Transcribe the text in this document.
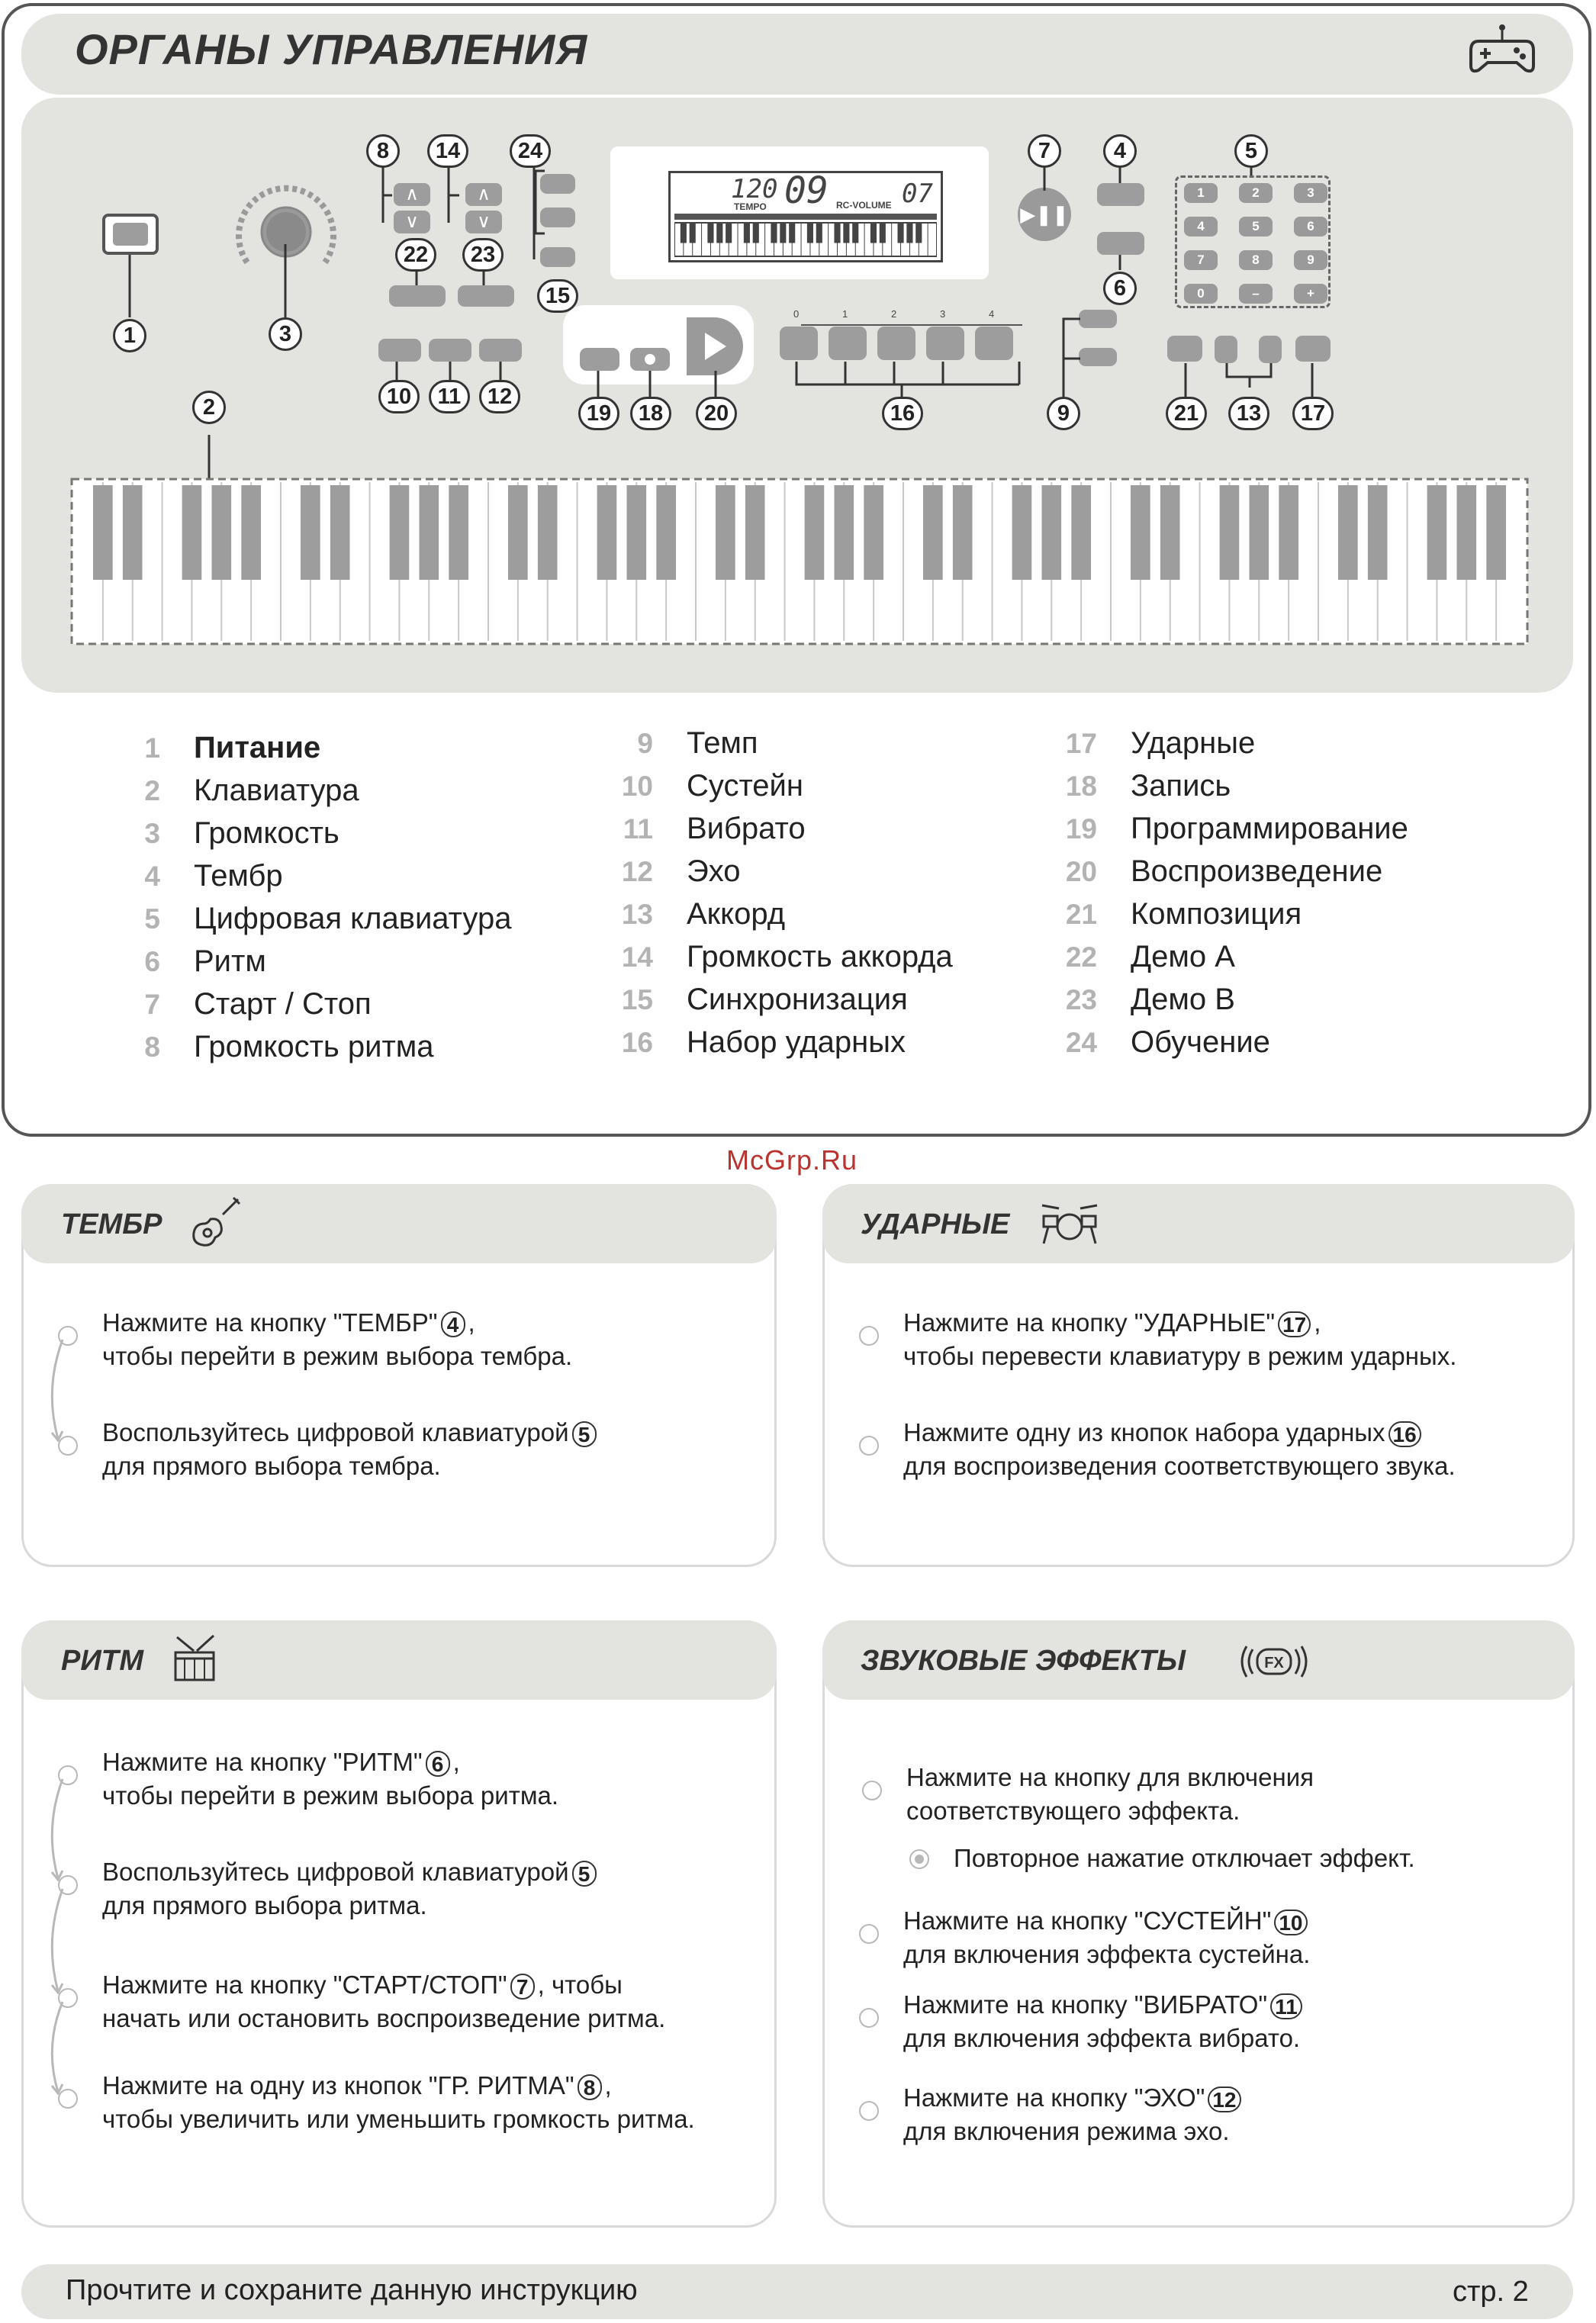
ОРГАНЫ УПРАВЛЕНИЯ
∧
∨
∧
∨
120
TEMPO 09 RC-VOLUME 07
▶❚❚
1	2	3
4	5	6
7	8	9
0	–	+
0	1	2	3	4
1
2
3
4	5
6
7
8
9
10	11	12
13
14
15
16	17
18
19	20	21
22	23
24
1 Питание
2 Клавиатура
3 Громкость
4 Тембр
5 Цифровая клавиатура
6 Ритм
7 Старт / Стоп
8 Громкость ритма
9 Темп
10 Сустейн
11 Вибрато
12 Эхо
13 Аккорд
14 Громкость аккорда
15 Синхронизация
16 Набор ударных
17 Ударные
18 Запись
19 Программирование
20 Воспроизведение
21 Композиция
22 Демо A
23 Демо B
24 Обучение
McGrp.Ru
ТЕМБР
Нажмите на кнопку "ТЕМБР" 4 ,
чтобы перейти в режим выбора тембра.
Воспользуйтесь цифровой клавиатурой 5
для прямого выбора тембра.
УДАРНЫЕ
Нажмите на кнопку "УДАРНЫЕ" 17 ,
чтобы перевести клавиатуру в режим ударных.
Нажмите одну из кнопок набора ударных 16
для воспроизведения соответствующего звука.
РИТМ
Нажмите на кнопку "РИТМ" 6 ,
чтобы перейти в режим выбора ритма.
Воспользуйтесь цифровой клавиатурой 5
для прямого выбора ритма.
Нажмите на кнопку "СТАРТ/СТОП" 7 , чтобы
начать или остановить воспроизведение ритма.
Нажмите на одну из кнопок "ГР. РИТМА" 8 ,
чтобы увеличить или уменьшить громкость ритма.
ЗВУКОВЫЕ ЭФФЕКТЫ	FX
Нажмите на кнопку для включения
соответствующего эффекта.
Повторное нажатие отключает эффект.
Нажмите на кнопку "СУСТЕЙН" 10
для включения эффекта сустейна.
Нажмите на кнопку "ВИБРАТО" 11
для включения эффекта вибрато.
Нажмите на кнопку "ЭХО" 12
для включения режима эхо.
Прочтите и сохраните данную инструкцию	стр. 2
